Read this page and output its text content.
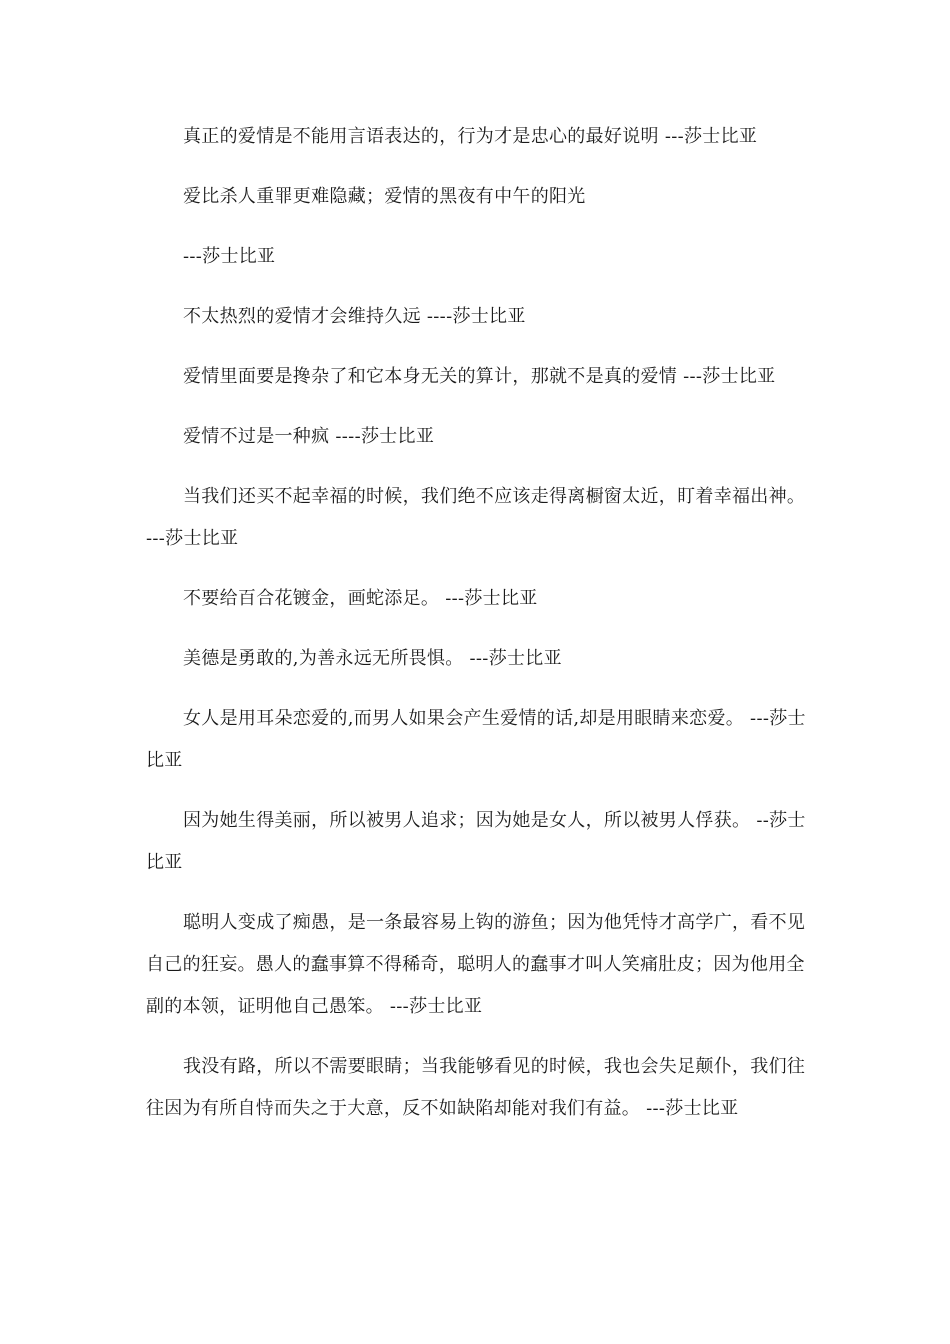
真正的爱情是不能用言语表达的，行为才是忠心的最好说明 ---莎士比亚

爱比杀人重罪更难隐藏；爱情的黑夜有中午的阳光

---莎士比亚

不太热烈的爱情才会维持久远 ----莎士比亚

爱情里面要是搀杂了和它本身无关的算计，那就不是真的爱情 ---莎士比亚

爱情不过是一种疯 ----莎士比亚

当我们还买不起幸福的时候，我们绝不应该走得离橱窗太近，盯着幸福出神。 ---莎士比亚

不要给百合花镀金，画蛇添足。 ---莎士比亚

美德是勇敢的,为善永远无所畏惧。 ---莎士比亚

女人是用耳朵恋爱的,而男人如果会产生爱情的话,却是用眼睛来恋爱。 ---莎士比亚

因为她生得美丽，所以被男人追求；因为她是女人，所以被男人俘获。 --莎士比亚

聪明人变成了痴愚，是一条最容易上钩的游鱼；因为他凭恃才高学广，看不见自己的狂妄。愚人的蠢事算不得稀奇，聪明人的蠢事才叫人笑痛肚皮；因为他用全副的本领，证明他自己愚笨。 ---莎士比亚

我没有路，所以不需要眼睛；当我能够看见的时候，我也会失足颠仆，我们往往因为有所自恃而失之于大意，反不如缺陷却能对我们有益。 ---莎士比亚
